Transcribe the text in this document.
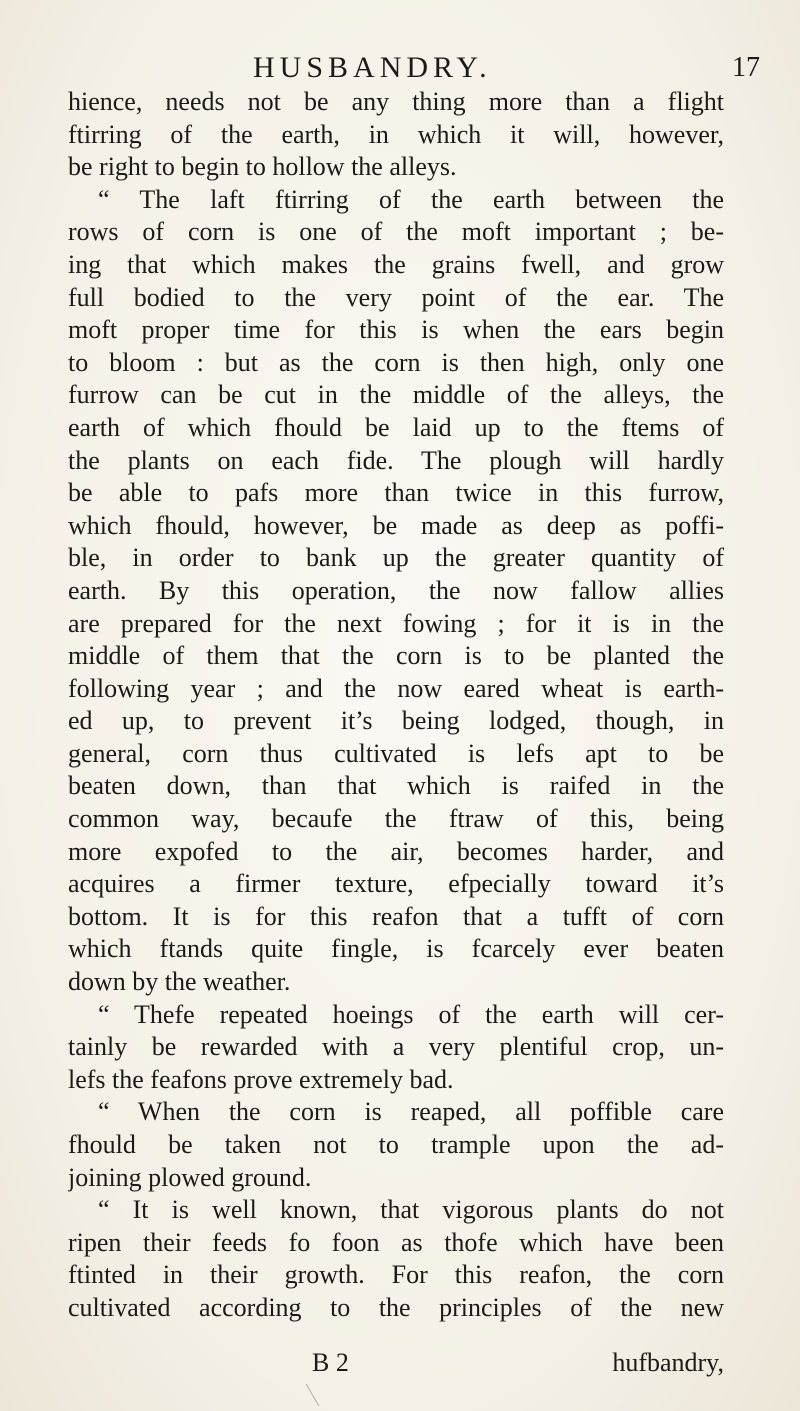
HUSBANDRY.	17
hience, needs not be any thing more than a flight
ftirring of the earth, in which it will, however,
be right to begin to hollow the alleys.
“ The laft ftirring of the earth between the
rows of corn is one of the moft important ; be-
ing that which makes the grains fwell, and grow
full bodied to the very point of the ear. The
moft proper time for this is when the ears begin
to bloom : but as the corn is then high, only one
furrow can be cut in the middle of the alleys, the
earth of which fhould be laid up to the ftems of
the plants on each fide. The plough will hardly
be able to pafs more than twice in this furrow,
which fhould, however, be made as deep as poffi-
ble, in order to bank up the greater quantity of
earth. By this operation, the now fallow allies
are prepared for the next fowing ; for it is in the
middle of them that the corn is to be planted the
following year ; and the now eared wheat is earth-
ed up, to prevent it’s being lodged, though, in
general, corn thus cultivated is lefs apt to be
beaten down, than that which is raifed in the
common way, becaufe the ftraw of this, being
more expofed to the air, becomes harder, and
acquires a firmer texture, efpecially toward it’s
bottom. It is for this reafon that a tufft of corn
which ftands quite fingle, is fcarcely ever beaten
down by the weather.
“ Thefe repeated hoeings of the earth will cer-
tainly be rewarded with a very plentiful crop, un-
lefs the feafons prove extremely bad.
“ When the corn is reaped, all poffible care
fhould be taken not to trample upon the ad-
joining plowed ground.
“ It is well known, that vigorous plants do not
ripen their feeds fo foon as thofe which have been
ftinted in their growth. For this reafon, the corn
cultivated according to the principles of the new
B 2	hufbandry,
